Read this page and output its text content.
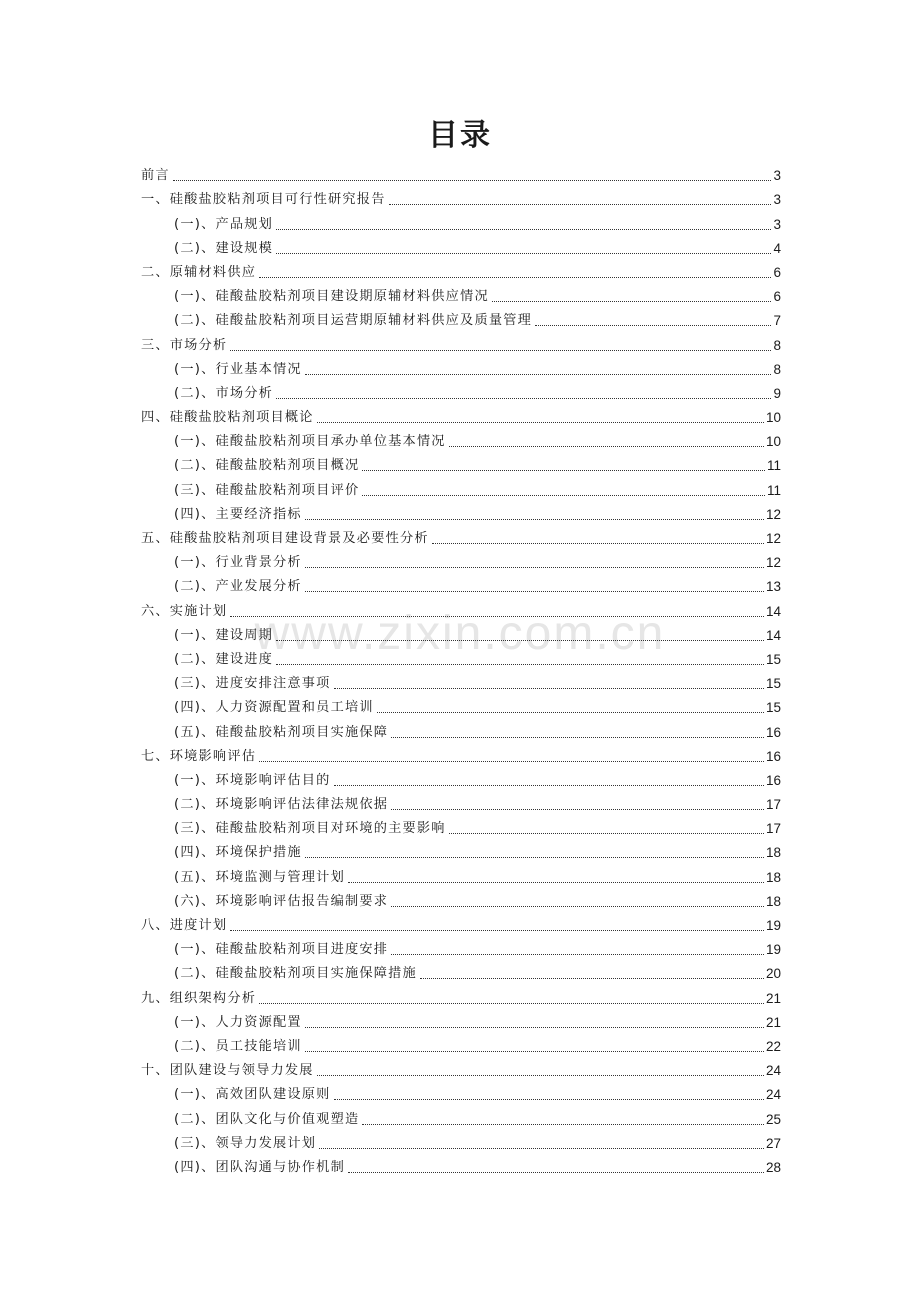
www.zixin.com.cn
目录
前言	3
一、硅酸盐胶粘剂项目可行性研究报告	3
(一)、产品规划	3
(二)、建设规模	4
二、原辅材料供应	6
(一)、硅酸盐胶粘剂项目建设期原辅材料供应情况	6
(二)、硅酸盐胶粘剂项目运营期原辅材料供应及质量管理	7
三、市场分析	8
(一)、行业基本情况	8
(二)、市场分析	9
四、硅酸盐胶粘剂项目概论	10
(一)、硅酸盐胶粘剂项目承办单位基本情况	10
(二)、硅酸盐胶粘剂项目概况	11
(三)、硅酸盐胶粘剂项目评价	11
(四)、主要经济指标	12
五、硅酸盐胶粘剂项目建设背景及必要性分析	12
(一)、行业背景分析	12
(二)、产业发展分析	13
六、实施计划	14
(一)、建设周期	14
(二)、建设进度	15
(三)、进度安排注意事项	15
(四)、人力资源配置和员工培训	15
(五)、硅酸盐胶粘剂项目实施保障	16
七、环境影响评估	16
(一)、环境影响评估目的	16
(二)、环境影响评估法律法规依据	17
(三)、硅酸盐胶粘剂项目对环境的主要影响	17
(四)、环境保护措施	18
(五)、环境监测与管理计划	18
(六)、环境影响评估报告编制要求	18
八、进度计划	19
(一)、硅酸盐胶粘剂项目进度安排	19
(二)、硅酸盐胶粘剂项目实施保障措施	20
九、组织架构分析	21
(一)、人力资源配置	21
(二)、员工技能培训	22
十、团队建设与领导力发展	24
(一)、高效团队建设原则	24
(二)、团队文化与价值观塑造	25
(三)、领导力发展计划	27
(四)、团队沟通与协作机制	28
